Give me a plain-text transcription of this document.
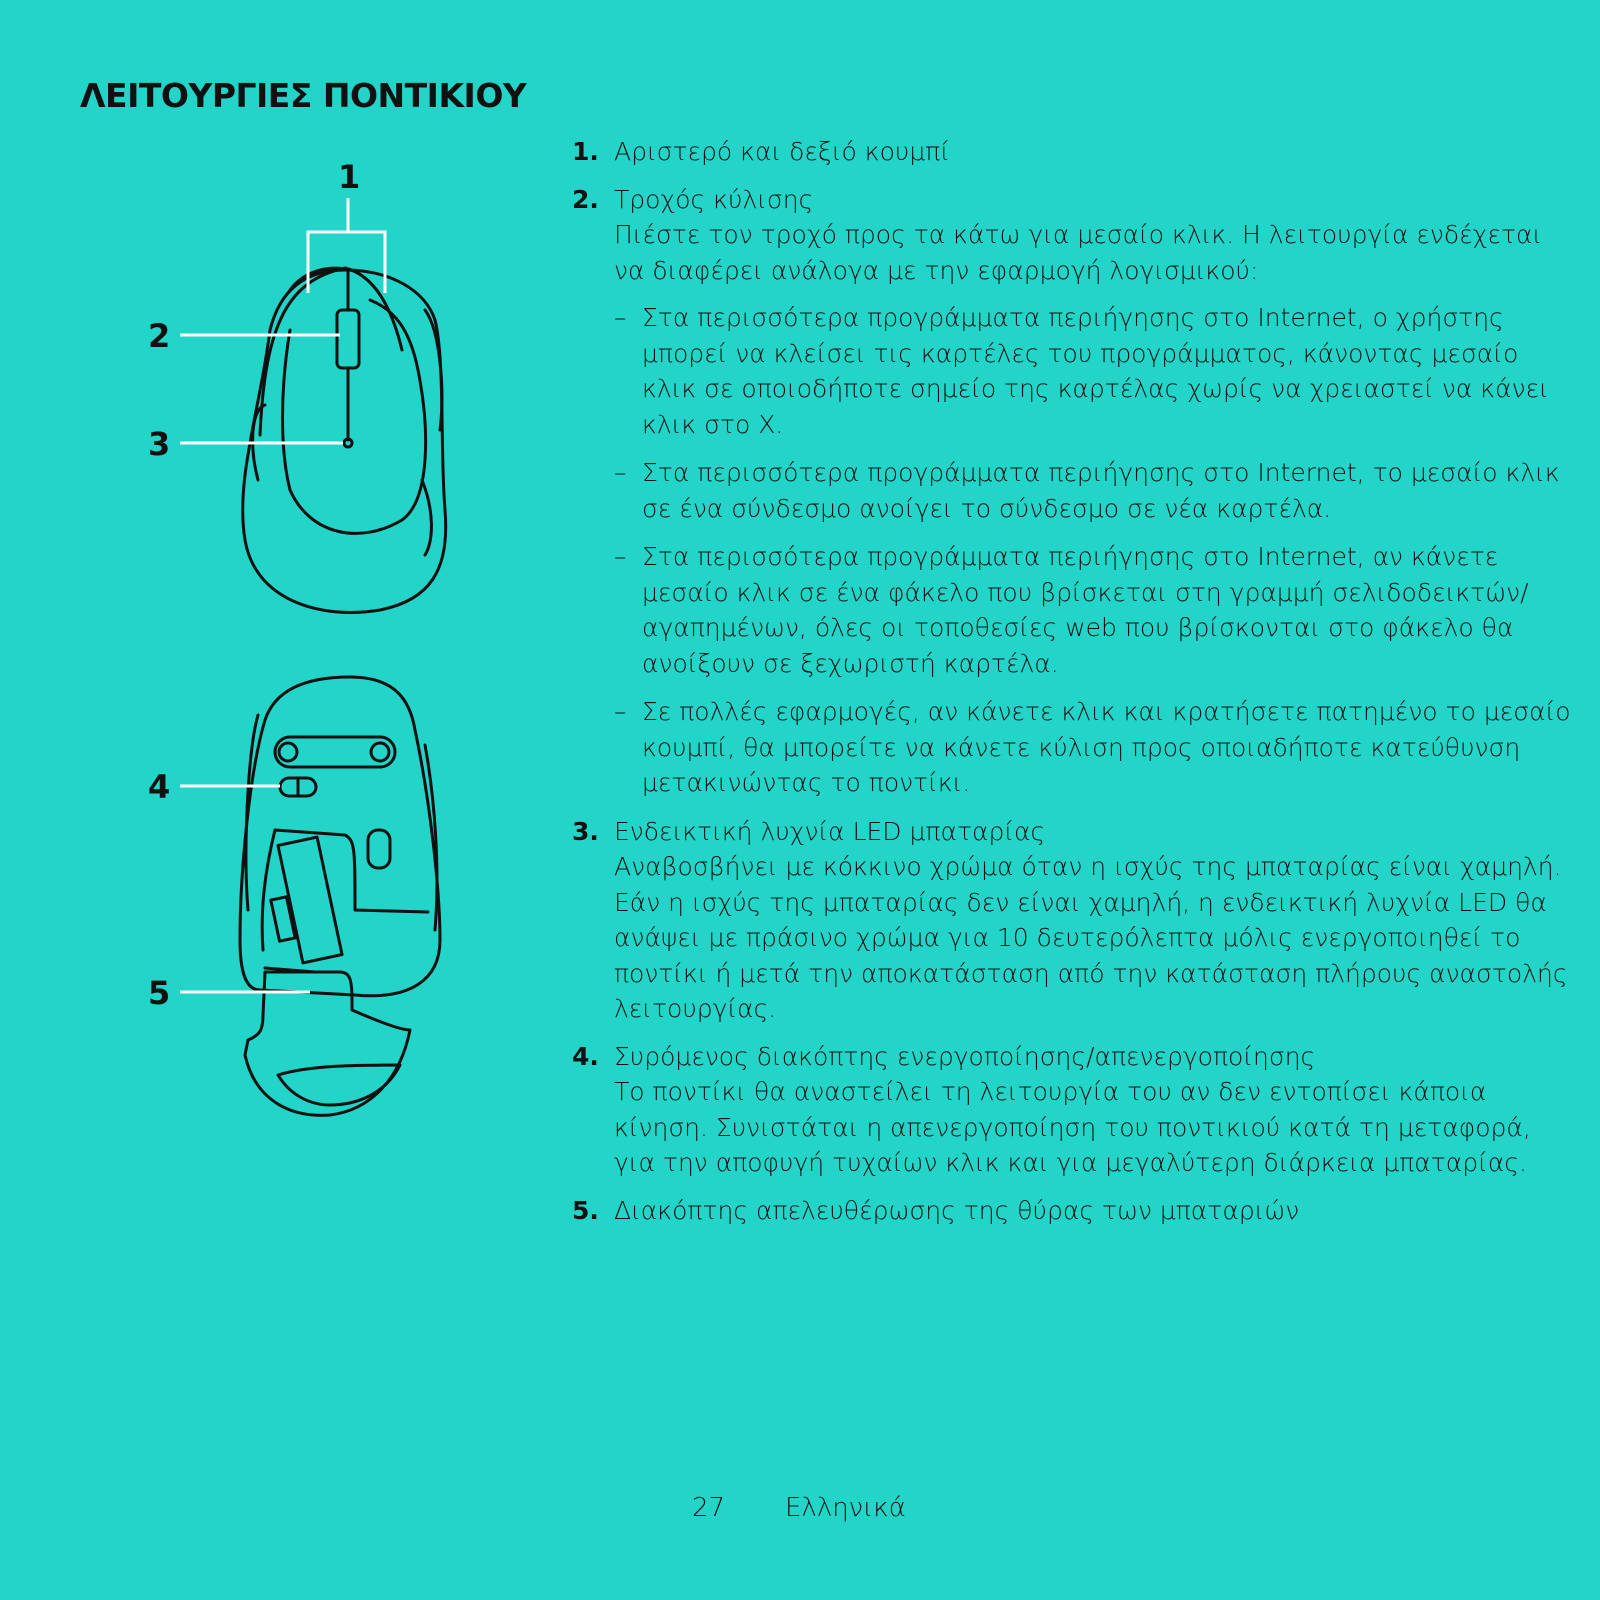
ΛΕΙΤΟΥΡΓΙΕΣ ΠΟΝΤΙΚΙΟΥ
1
2
3
4
5
1. Αριστερό και δεξιό κουμπί
2. Τροχός κύλισης
Πιέστε τον τροχό προς τα κάτω για μεσαίο κλικ. Η λειτουργία ενδέχεται να διαφέρει ανάλογα με την εφαρμογή λογισμικού:
– Στα περισσότερα προγράμματα περιήγησης στο Internet, ο χρήστης μπορεί να κλείσει τις καρτέλες του προγράμματος, κάνοντας μεσαίο κλικ σε οποιοδήποτε σημείο της καρτέλας χωρίς να χρειαστεί να κάνει κλικ στο X.
– Στα περισσότερα προγράμματα περιήγησης στο Internet, το μεσαίο κλικ σε ένα σύνδεσμο ανοίγει το σύνδεσμο σε νέα καρτέλα.
– Στα περισσότερα προγράμματα περιήγησης στο Internet, αν κάνετε μεσαίο κλικ σε ένα φάκελο που βρίσκεται στη γραμμή σελιδοδεικτών/αγαπημένων, όλες οι τοποθεσίες web που βρίσκονται στο φάκελο θα ανοίξουν σε ξεχωριστή καρτέλα.
– Σε πολλές εφαρμογές, αν κάνετε κλικ και κρατήσετε πατημένο το μεσαίο κουμπί, θα μπορείτε να κάνετε κύλιση προς οποιαδήποτε κατεύθυνση μετακινώντας το ποντίκι.
3. Ενδεικτική λυχνία LED μπαταρίας
Αναβοσβήνει με κόκκινο χρώμα όταν η ισχύς της μπαταρίας είναι χαμηλή. Εάν η ισχύς της μπαταρίας δεν είναι χαμηλή, η ενδεικτική λυχνία LED θα ανάψει με πράσινο χρώμα για 10 δευτερόλεπτα μόλις ενεργοποιηθεί το ποντίκι ή μετά την αποκατάσταση από την κατάσταση πλήρους αναστολής λειτουργίας.
4. Συρόμενος διακόπτης ενεργοποίησης/απενεργοποίησης
Το ποντίκι θα αναστείλει τη λειτουργία του αν δεν εντοπίσει κάποια κίνηση. Συνιστάται η απενεργοποίηση του ποντικιού κατά τη μεταφορά, για την αποφυγή τυχαίων κλικ και για μεγαλύτερη διάρκεια μπαταρίας.
5. Διακόπτης απελευθέρωσης της θύρας των μπαταριών
27 Ελληνικά
